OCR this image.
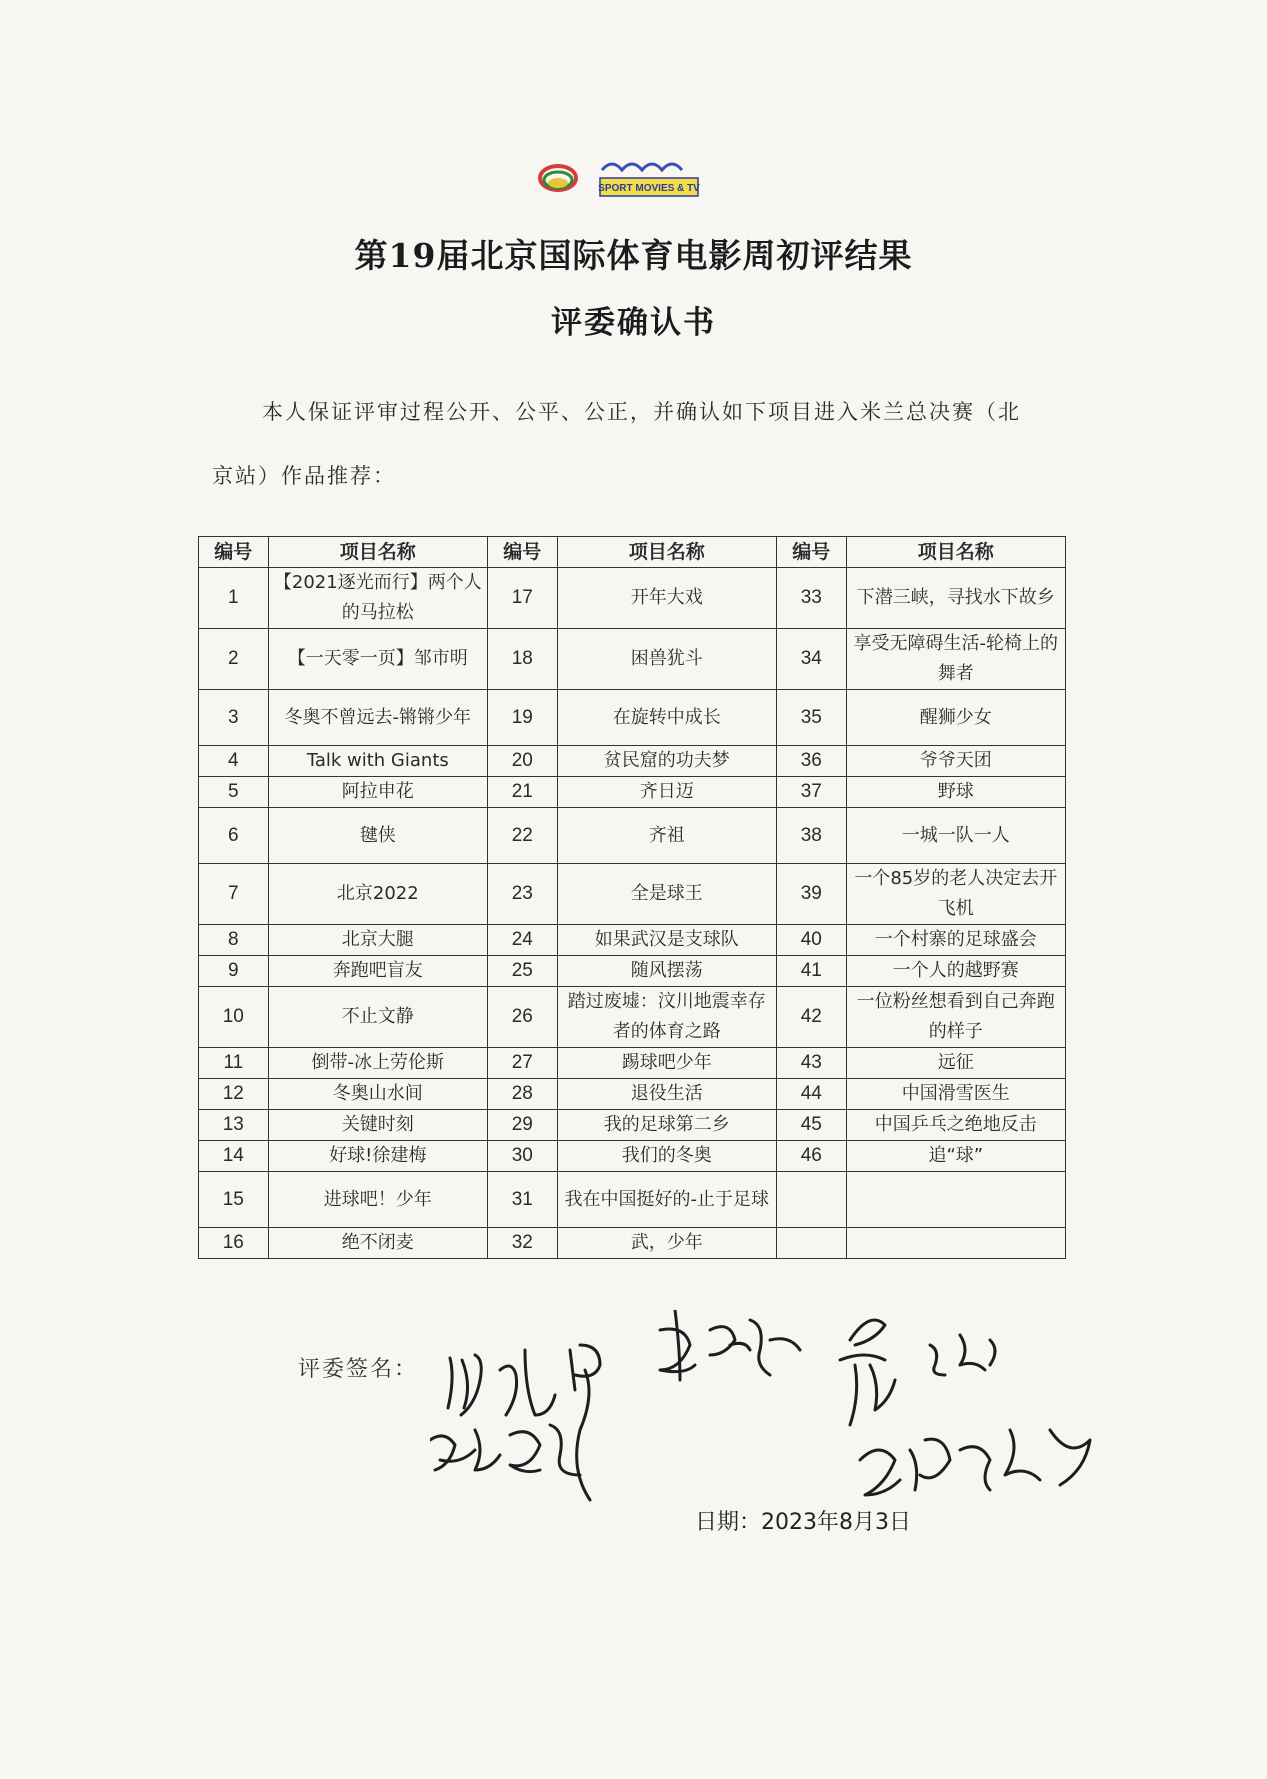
SPORT MOVIES & TV
第19届北京国际体育电影周初评结果
评委确认书
本人保证评审过程公开、公平、公正，并确认如下项目进入米兰总决赛（北
京站）作品推荐：
编号	项目名称	编号	项目名称	编号	项目名称
1	【2021逐光而行】两个人的马拉松	17	开年大戏	33	下潜三峡，寻找水下故乡
2	【一天零一页】邹市明	18	困兽犹斗	34	享受无障碍生活-轮椅上的舞者
3	冬奥不曾远去-锵锵少年	19	在旋转中成长	35	醒狮少女
4	Talk with Giants	20	贫民窟的功夫梦	36	爷爷天团
5	阿拉申花	21	齐日迈	37	野球
6	毽侠	22	齐祖	38	一城一队一人
7	北京2022	23	全是球王	39	一个85岁的老人决定去开飞机
8	北京大腿	24	如果武汉是支球队	40	一个村寨的足球盛会
9	奔跑吧盲友	25	随风摆荡	41	一个人的越野赛
10	不止文静	26	踏过废墟：汶川地震幸存者的体育之路	42	一位粉丝想看到自己奔跑的样子
11	倒带-冰上劳伦斯	27	踢球吧少年	43	远征
12	冬奥山水间	28	退役生活	44	中国滑雪医生
13	关键时刻	29	我的足球第二乡	45	中国乒乓之绝地反击
14	好球!徐建梅	30	我们的冬奥	46	追“球”
15	进球吧！少年	31	我在中国挺好的-止于足球		
16	绝不闭麦	32	武，少年		
评委签名：
日期：2023年8月3日
